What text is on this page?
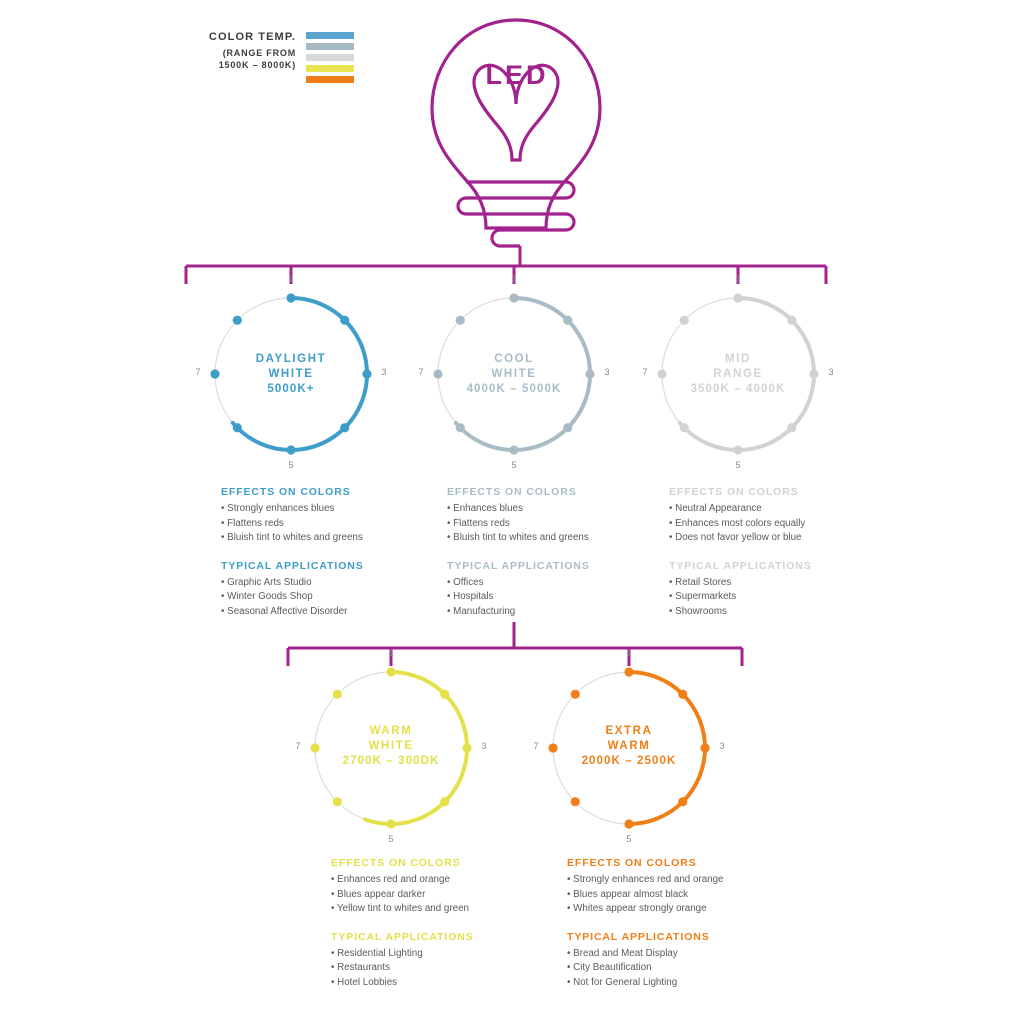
COLOR TEMP.
(RANGE FROM
1500K – 8000K)	LED
1
3
5
7
DAYLIGHT
WHITE
5000K+
EFFECTS ON COLORS
• Strongly enhances blues
• Flattens reds
• Bluish tint to whites and greens
TYPICAL APPLICATIONS
• Graphic Arts Studio
• Winter Goods Shop
• Seasonal Affective Disorder
1
3
5
7
COOL
WHITE
4000K – 5000K
EFFECTS ON COLORS
• Enhances blues
• Flattens reds
• Bluish tint to whites and greens
TYPICAL APPLICATIONS
• Offices
• Hospitals
• Manufacturing
1
3
5
7
MID
RANGE
3500K – 4000K
EFFECTS ON COLORS
• Neutral Appearance
• Enhances most colors equally
• Does not favor yellow or blue
TYPICAL APPLICATIONS
• Retail Stores
• Supermarkets
• Showrooms
1
3
5
7
WARM
WHITE
2700K – 300DK
EFFECTS ON COLORS
• Enhances red and orange
• Blues appear darker
• Yellow tint to whites and green
TYPICAL APPLICATIONS
• Residential Lighting
• Restaurants
• Hotel Lobbies
1
3
5
7
EXTRA
WARM
2000K – 2500K
EFFECTS ON COLORS
• Strongly enhances red and orange
• Blues appear almost black
• Whites appear strongly orange
TYPICAL APPLICATIONS
• Bread and Meat Display
• City Beautification
• Not for General Lighting
